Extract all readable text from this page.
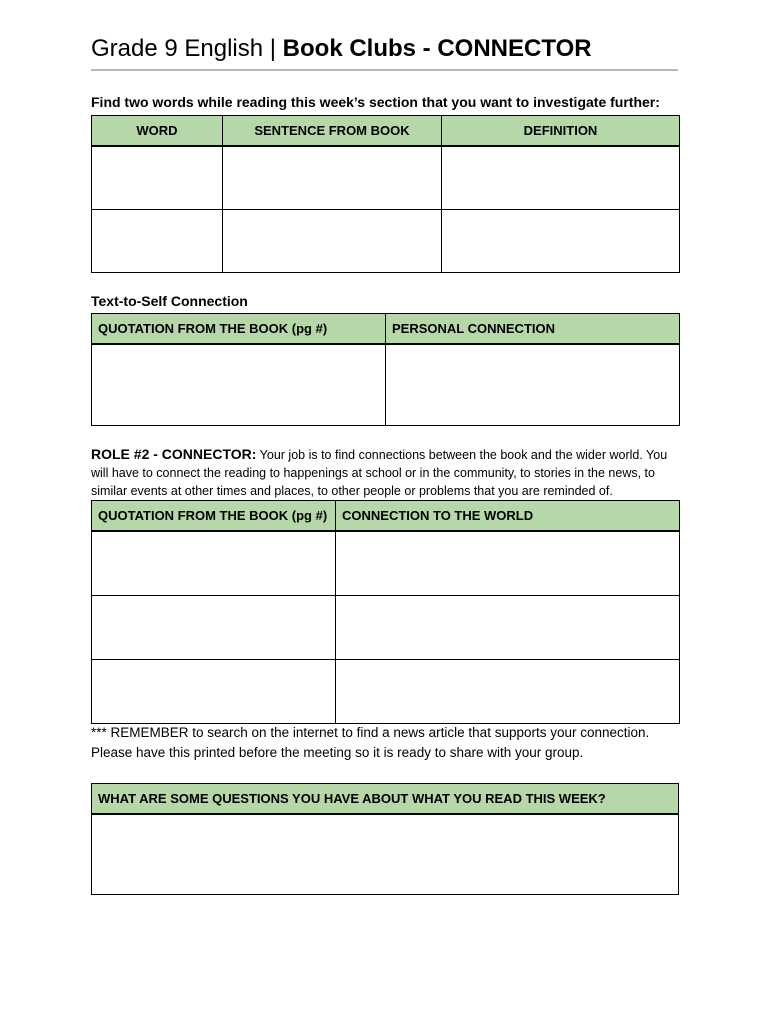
Grade 9 English | Book Clubs - CONNECTOR
Find two words while reading this week’s section that you want to investigate further:
WORD	SENTENCE FROM BOOK	DEFINITION

Text-to-Self Connection
QUOTATION FROM THE BOOK (pg #)	PERSONAL CONNECTION

ROLE #2 - CONNECTOR: Your job is to find connections between the book and the wider world. You will have to connect the reading to happenings at school or in the community, to stories in the news, to similar events at other times and places, to other people or problems that you are reminded of.
QUOTATION FROM THE BOOK (pg #)	CONNECTION TO THE WORLD

*** REMEMBER to search on the internet to find a news article that supports your connection.
Please have this printed before the meeting so it is ready to share with your group.
WHAT ARE SOME QUESTIONS YOU HAVE ABOUT WHAT YOU READ THIS WEEK?
